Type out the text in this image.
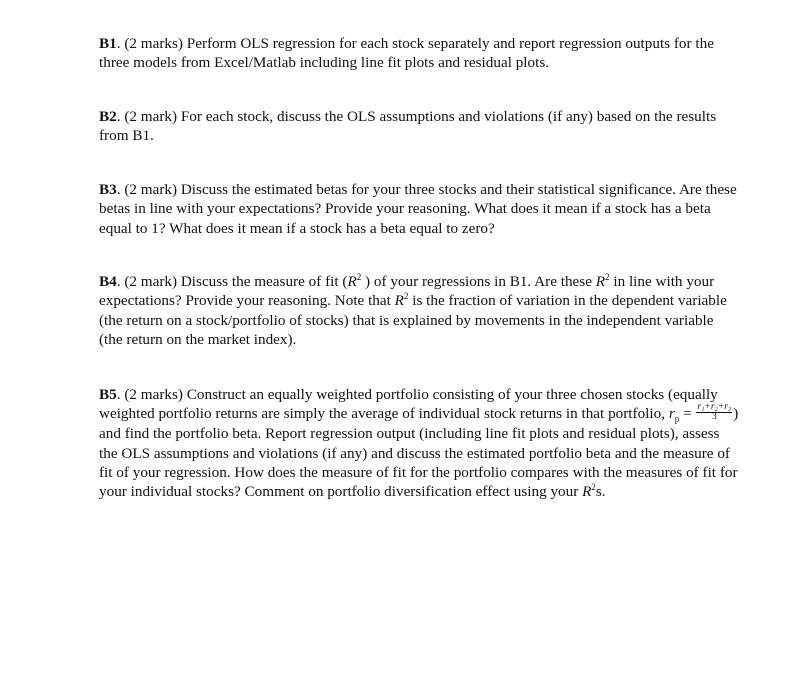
B1. (2 marks) Perform OLS regression for each stock separately and report regression outputs for the three models from Excel/Matlab including line fit plots and residual plots.
B2. (2 mark) For each stock, discuss the OLS assumptions and violations (if any) based on the results from B1.
B3. (2 mark) Discuss the estimated betas for your three stocks and their statistical significance. Are these betas in line with your expectations? Provide your reasoning. What does it mean if a stock has a beta equal to 1? What does it mean if a stock has a beta equal to zero?
B4. (2 mark) Discuss the measure of fit ($R^2$ ) of your regressions in B1. Are these $R^2$ in line with your expectations? Provide your reasoning. Note that $R^2$ is the fraction of variation in the dependent variable (the return on a stock/portfolio of stocks) that is explained by movements in the independent variable (the return on the market index).
B5. (2 marks) Construct an equally weighted portfolio consisting of your three chosen stocks (equally weighted portfolio returns are simply the average of individual stock returns in that portfolio, $r_p = \frac{\text{r₁+r₂+r₃}}{3}$ ) and find the portfolio beta. Report regression output (including line fit plots and residual plots), assess the OLS assumptions and violations (if any) and discuss the estimated portfolio beta and the measure of fit of your regression. How does the measure of fit for the portfolio compares with the measures of fit for your individual stocks? Comment on portfolio diversification effect using your $R^2s$.
